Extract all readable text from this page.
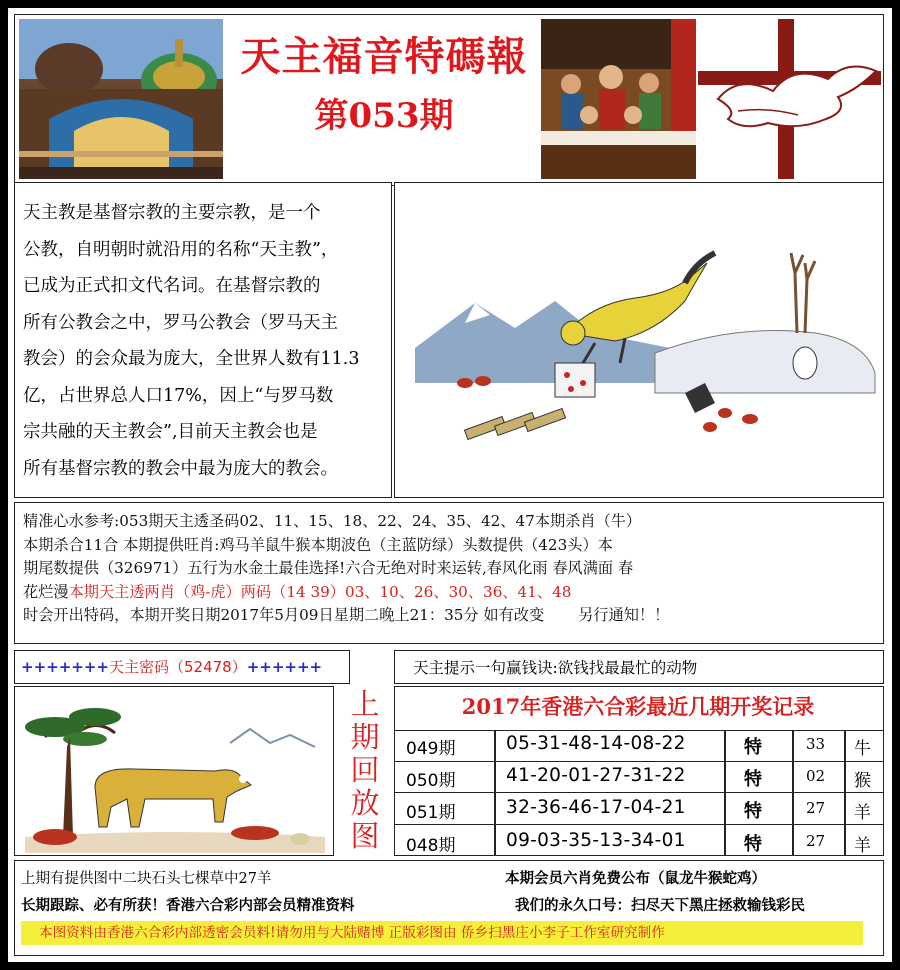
天主福音特碼報
第053期
天主教是基督宗教的主要宗教，是一个
公教，自明朝时就沿用的名称“天主教”，
已成为正式扣文代名词。在基督宗教的
所有公教会之中，罗马公教会（罗马天主
教会）的会众最为庞大，全世界人数有11.3
亿，占世界总人口17%，因上“与罗马数
宗共融的天主教会”,目前天主教会也是
所有基督宗教的教会中最为庞大的教会。
精准心水参考:053期天主透圣码02、11、15、18、22、24、35、42、47本期杀肖（牛）
本期杀合11合 本期提供旺肖:鸡马羊鼠牛猴本期波色（主蓝防绿）头数提供（423头）本
期尾数提供（326971）五行为水金土最佳选择!六合无绝对时来运转,春风化雨 春风满面 春
花烂漫本期天主透两肖（鸡-虎）两码（14 39）03、10、26、30、36、41、48
时会开出特码，本期开奖日期2017年5月09日星期二晚上21：35分 如有改变 另行通知！！
+++++++天主密码（52478）++++++	天主提示一句赢钱诀:欲钱找最最忙的动物
上
期
回
放
图
2017年香港六合彩最近几期开奖记录
049期	05-31-48-14-08-22	特	33 牛
050期	41-20-01-27-31-22	特	02 猴
051期	32-36-46-17-04-21	特	27 羊
048期	09-03-35-13-34-01	特	27 羊
上期有提供图中二块石头七棵草中27羊	本期会员六肖免费公布（鼠龙牛猴蛇鸡）
长期跟踪、必有所获！香港六合彩内部会员精准资料	我们的永久口号：扫尽天下黑庄拯救输钱彩民
本图资料由香港六合彩内部透密会员料!请勿用与大陆赌博 正版彩图由 侨乡扫黑庄小李子工作室研究制作
